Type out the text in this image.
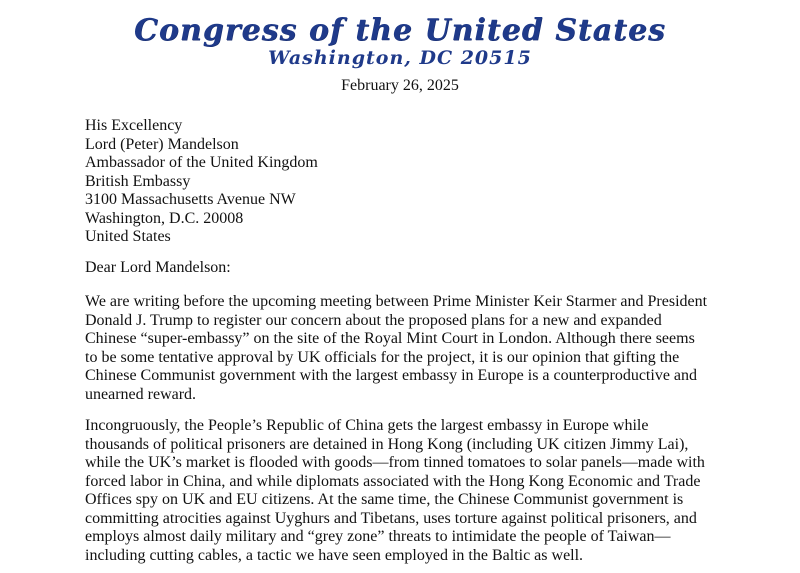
Congress of the United States
Washington, DC 20515
February 26, 2025
His Excellency
Lord (Peter) Mandelson
Ambassador of the United Kingdom
British Embassy
3100 Massachusetts Avenue NW
Washington, D.C. 20008
United States
Dear Lord Mandelson:
We are writing before the upcoming meeting between Prime Minister Keir Starmer and President
Donald J. Trump to register our concern about the proposed plans for a new and expanded
Chinese “super-embassy” on the site of the Royal Mint Court in London. Although there seems
to be some tentative approval by UK officials for the project, it is our opinion that gifting the
Chinese Communist government with the largest embassy in Europe is a counterproductive and
unearned reward.
Incongruously, the People’s Republic of China gets the largest embassy in Europe while
thousands of political prisoners are detained in Hong Kong (including UK citizen Jimmy Lai),
while the UK’s market is flooded with goods—from tinned tomatoes to solar panels—made with
forced labor in China, and while diplomats associated with the Hong Kong Economic and Trade
Offices spy on UK and EU citizens. At the same time, the Chinese Communist government is
committing atrocities against Uyghurs and Tibetans, uses torture against political prisoners, and
employs almost daily military and “grey zone” threats to intimidate the people of Taiwan—
including cutting cables, a tactic we have seen employed in the Baltic as well.
